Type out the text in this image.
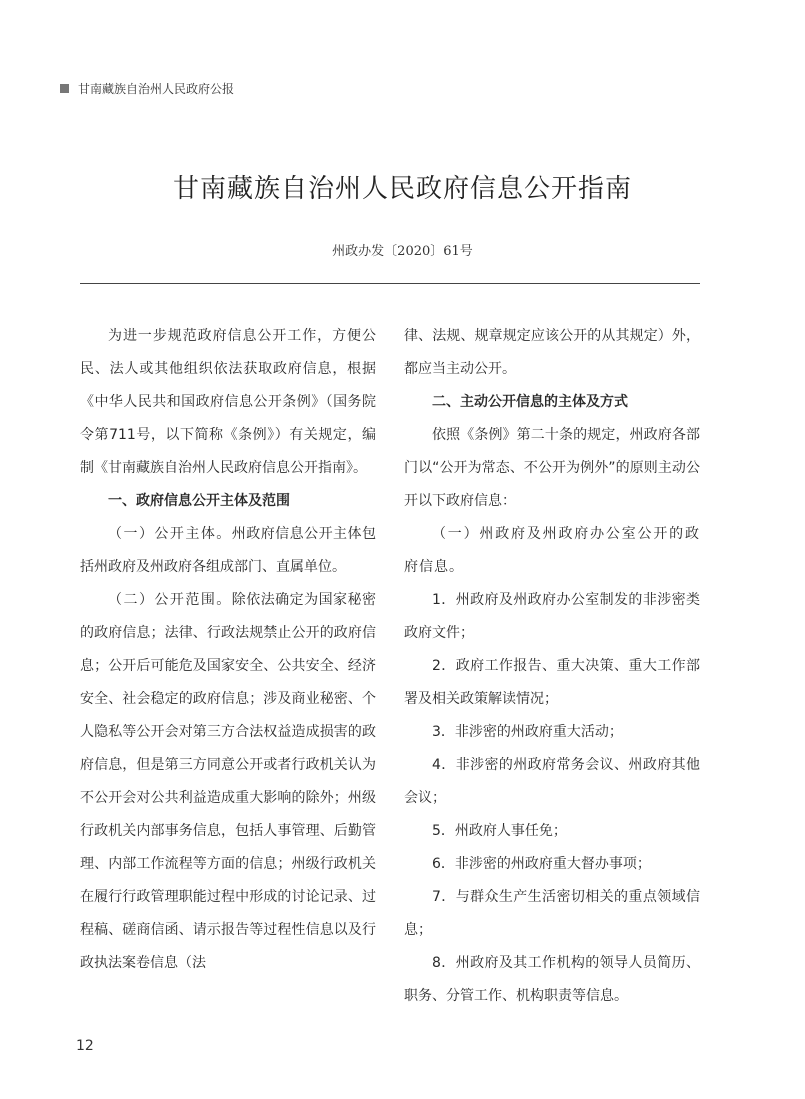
甘南藏族自治州人民政府公报
甘南藏族自治州人民政府信息公开指南
州政办发〔2020〕61号

为进一步规范政府信息公开工作，方便公民、法人或其他组织依法获取政府信息，根据《中华人民共和国政府信息公开条例》（国务院令第711号，以下简称《条例》）有关规定，编制《甘南藏族自治州人民政府信息公开指南》。

一、政府信息公开主体及范围

（一）公开主体。州政府信息公开主体包括州政府及州政府各组成部门、直属单位。

（二）公开范围。除依法确定为国家秘密的政府信息；法律、行政法规禁止公开的政府信息；公开后可能危及国家安全、公共安全、经济安全、社会稳定的政府信息；涉及商业秘密、个人隐私等公开会对第三方合法权益造成损害的政府信息，但是第三方同意公开或者行政机关认为不公开会对公共利益造成重大影响的除外；州级行政机关内部事务信息，包括人事管理、后勤管理、内部工作流程等方面的信息；州级行政机关在履行行政管理职能过程中形成的讨论记录、过程稿、磋商信函、请示报告等过程性信息以及行政执法案卷信息（法

律、法规、规章规定应该公开的从其规定）外，都应当主动公开。

二、主动公开信息的主体及方式

依照《条例》第二十条的规定，州政府各部门以“公开为常态、不公开为例外”的原则主动公开以下政府信息：

（一）州政府及州政府办公室公开的政府信息。

1．州政府及州政府办公室制发的非涉密类政府文件；

2．政府工作报告、重大决策、重大工作部署及相关政策解读情况；

3．非涉密的州政府重大活动；

4．非涉密的州政府常务会议、州政府其他会议；

5．州政府人事任免；

6．非涉密的州政府重大督办事项；

7．与群众生产生活密切相关的重点领域信息；

8．州政府及其工作机构的领导人员简历、职务、分管工作、机构职责等信息。

12
